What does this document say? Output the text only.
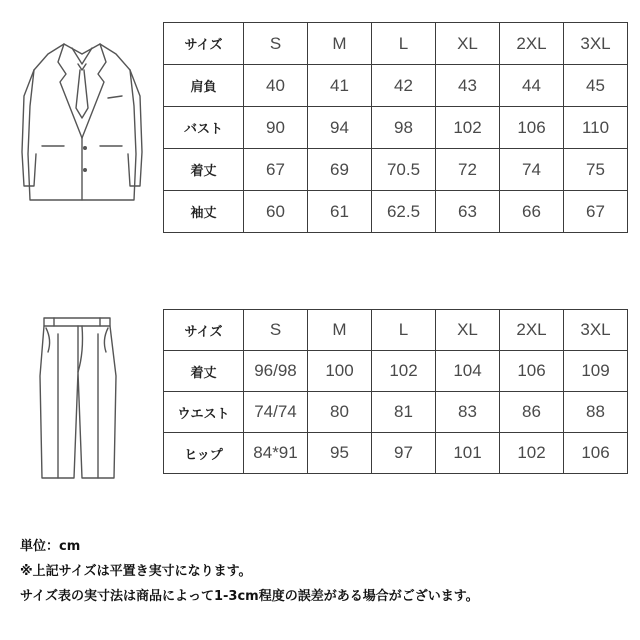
サイズ	S	M	L	XL	2XL	3XL
肩負	40	41	42	43	44	45
バスト	90	94	98	102	106	110
着丈	67	69	70.5	72	74	75
袖丈	60	61	62.5	63	66	67
サイズ	S	M	L	XL	2XL	3XL
着丈	96/98	100	102	104	106	109
ウエスト	74/74	80	81	83	86	88
ヒップ	84*91	95	97	101	102	106
単位：cm
※上記サイズは平置き実寸になります。
サイズ表の実寸法は商品によって1-3cm程度の誤差がある場合がございます。
